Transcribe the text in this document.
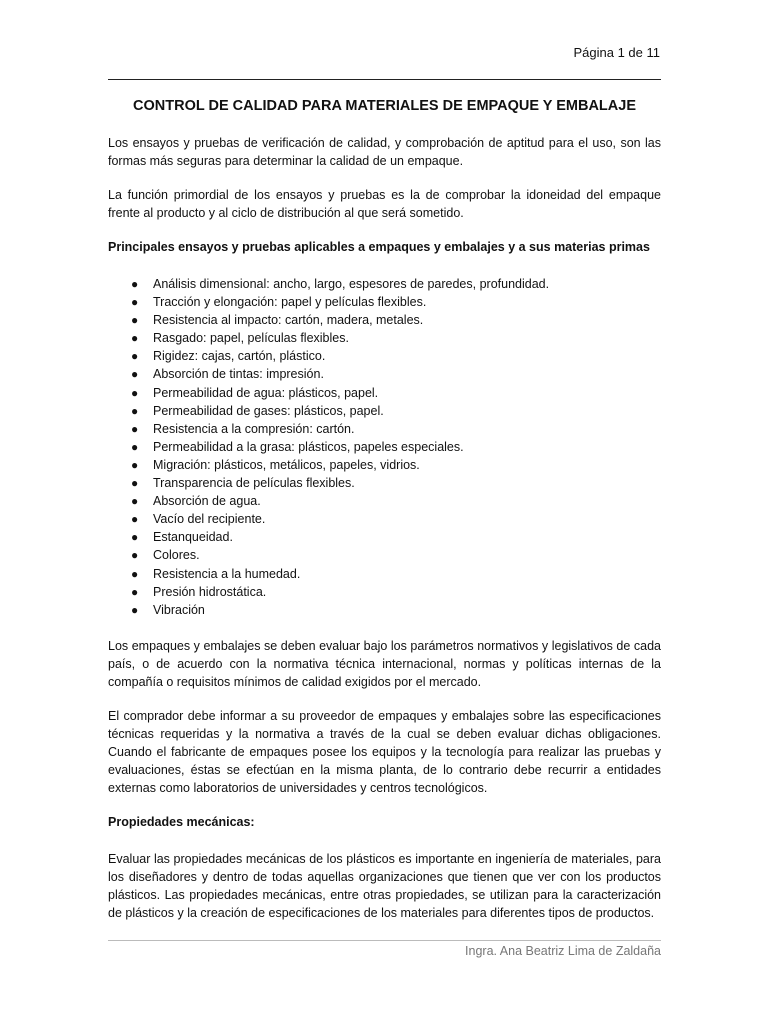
Página 1 de 11
CONTROL DE CALIDAD PARA MATERIALES DE EMPAQUE Y EMBALAJE

Los ensayos y pruebas de verificación de calidad, y comprobación de aptitud para el uso, son las formas más seguras para determinar la calidad de un empaque.

La función primordial de los ensayos y pruebas es la de comprobar la idoneidad del empaque frente al producto y al ciclo de distribución al que será sometido.

Principales ensayos y pruebas aplicables a empaques y embalajes y a sus materias primas
● Análisis dimensional: ancho, largo, espesores de paredes, profundidad.
● Tracción y elongación: papel y películas flexibles.
● Resistencia al impacto: cartón, madera, metales.
● Rasgado: papel, películas flexibles.
● Rigidez: cajas, cartón, plástico.
● Absorción de tintas: impresión.
● Permeabilidad de agua: plásticos, papel.
● Permeabilidad de gases: plásticos, papel.
● Resistencia a la compresión: cartón.
● Permeabilidad a la grasa: plásticos, papeles especiales.
● Migración: plásticos, metálicos, papeles, vidrios.
● Transparencia de películas flexibles.
● Absorción de agua.
● Vacío del recipiente.
● Estanqueidad.
● Colores.
● Resistencia a la humedad.
● Presión hidrostática.
● Vibración

Los empaques y embalajes se deben evaluar bajo los parámetros normativos y legislativos de cada país, o de acuerdo con la normativa técnica internacional, normas y políticas internas de la compañía o requisitos mínimos de calidad exigidos por el mercado.

El comprador debe informar a su proveedor de empaques y embalajes sobre las especificaciones técnicas requeridas y la normativa a través de la cual se deben evaluar dichas obligaciones. Cuando el fabricante de empaques posee los equipos y la tecnología para realizar las pruebas y evaluaciones, éstas se efectúan en la misma planta, de lo contrario debe recurrir a entidades externas como laboratorios de universidades y centros tecnológicos.

Propiedades mecánicas:

Evaluar las propiedades mecánicas de los plásticos es importante en ingeniería de materiales, para los diseñadores y dentro de todas aquellas organizaciones que tienen que ver con los productos plásticos. Las propiedades mecánicas, entre otras propiedades, se utilizan para la caracterización de plásticos y la creación de especificaciones de los materiales para diferentes tipos de productos.

Ingra. Ana Beatriz Lima de Zaldaña
